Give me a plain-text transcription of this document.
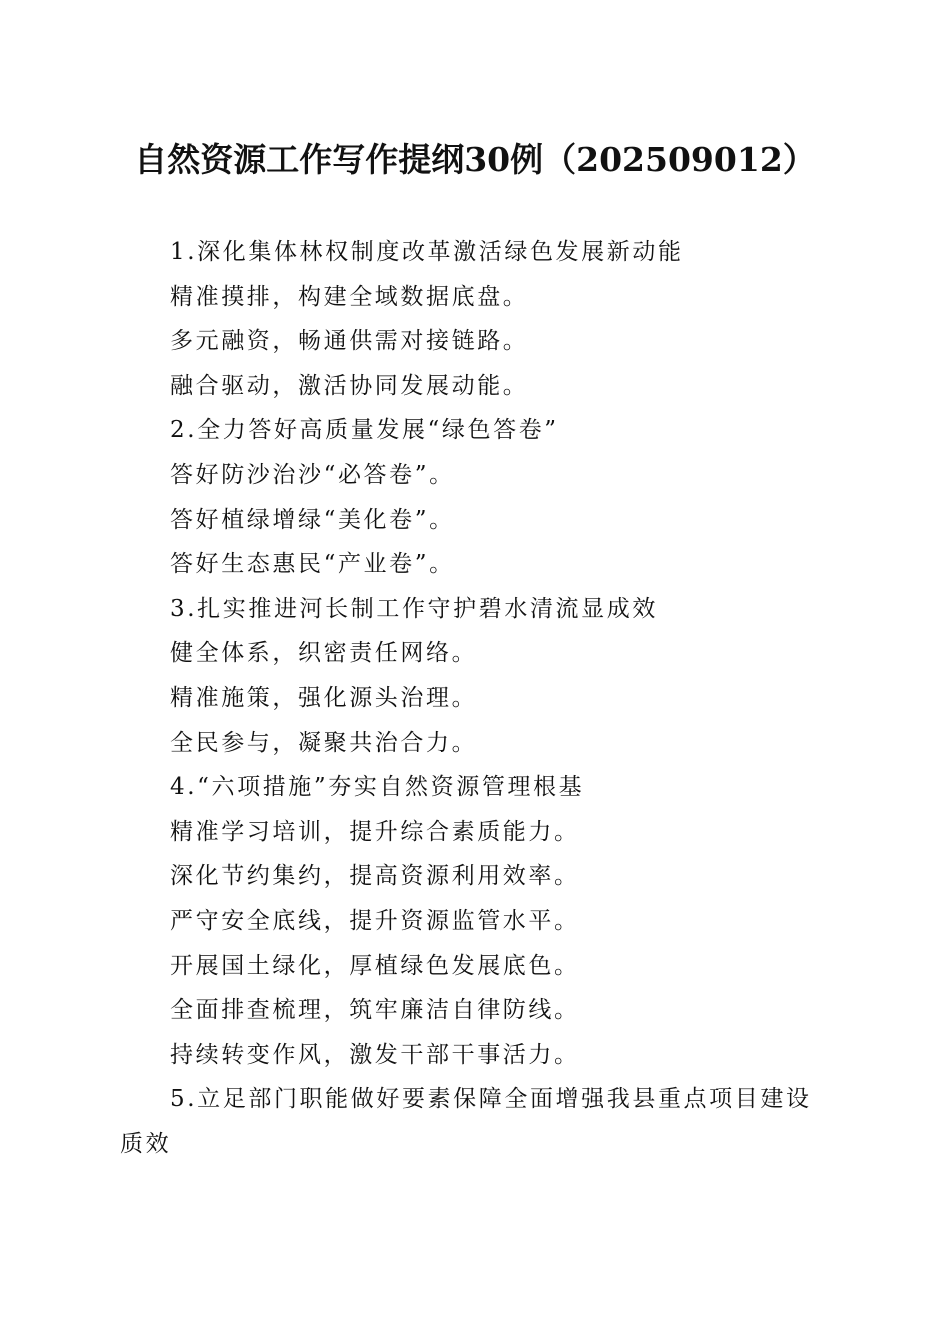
自然资源工作写作提纲30例（202509012）
1.深化集体林权制度改革激活绿色发展新动能
精准摸排，构建全域数据底盘。
多元融资，畅通供需对接链路。
融合驱动，激活协同发展动能。
2.全力答好高质量发展“绿色答卷”
答好防沙治沙“必答卷”。
答好植绿增绿“美化卷”。
答好生态惠民“产业卷”。
3.扎实推进河长制工作守护碧水清流显成效
健全体系，织密责任网络。
精准施策，强化源头治理。
全民参与，凝聚共治合力。
4.“六项措施”夯实自然资源管理根基
精准学习培训，提升综合素质能力。
深化节约集约，提高资源利用效率。
严守安全底线，提升资源监管水平。
开展国土绿化，厚植绿色发展底色。
全面排查梳理，筑牢廉洁自律防线。
持续转变作风，激发干部干事活力。
5.立足部门职能做好要素保障全面增强我县重点项目建设质效
